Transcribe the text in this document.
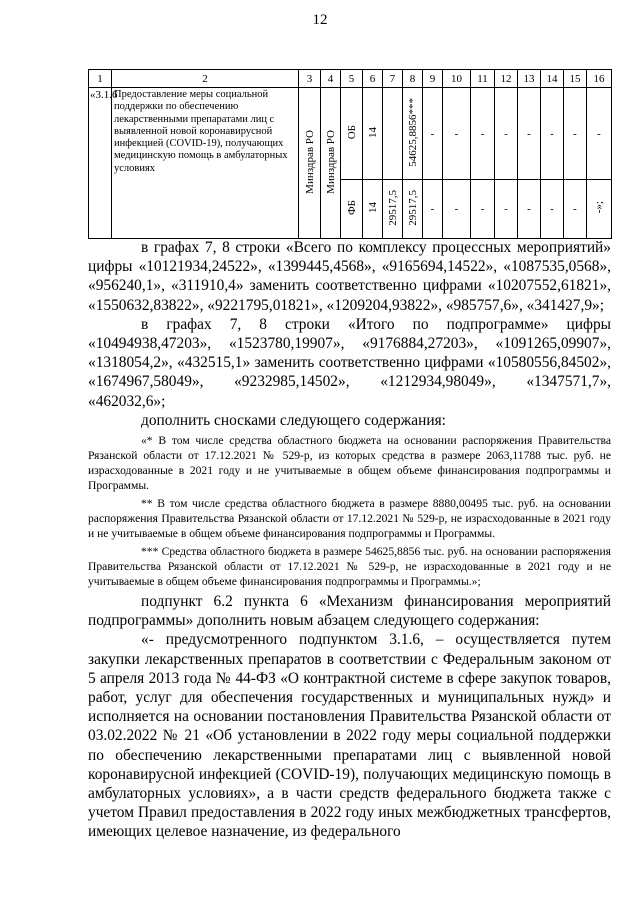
12
1	2	3	4	5	6	7	8	9	10	11	12	13	14	15	16
«3.1.6	Предоставление меры социальной поддержки по обеспечению лекарственными препаратами лиц с выявленной новой коронавирусной инфекцией (COVID-19), получающих медицинскую помощь в амбулаторных условиях	Минздрав РО	Минздрав РО	ОБ	14		54625,8856***	-	-	-	-	-	-	-	-
				ФБ	14	29517,5	29517,5	-	-	-	-	-	-	-	-»;

в графах 7, 8 строки «Всего по комплексу процессных мероприятий» цифры «10121934,24522», «1399445,4568», «9165694,14522», «1087535,0568», «956240,1», «311910,4» заменить соответственно цифрами «10207552,61821», «1550632,83822», «9221795,01821», «1209204,93822», «985757,6», «341427,9»;

в графах 7, 8 строки «Итого по подпрограмме» цифры «10494938,47203», «1523780,19907», «9176884,27203», «1091265,09907», «1318054,2», «432515,1» заменить соответственно цифрами «10580556,84502», «1674967,58049», «9232985,14502», «1212934,98049», «1347571,7», «462032,6»;

дополнить сносками следующего содержания:

«* В том числе средства областного бюджета на основании распоряжения Правительства Рязанской области от 17.12.2021 № 529-р, из которых средства в размере 2063,11788 тыс. руб. не израсходованные в 2021 году и не учитываемые в общем объеме финансирования подпрограммы и Программы.

** В том числе средства областного бюджета в размере 8880,00495 тыс. руб. на основании распоряжения Правительства Рязанской области от 17.12.2021 № 529-р, не израсходованные в 2021 году и не учитываемые в общем объеме финансирования подпрограммы и Программы.

*** Средства областного бюджета в размере 54625,8856 тыс. руб. на основании распоряжения Правительства Рязанской области от 17.12.2021 № 529-р, не израсходованные в 2021 году и не учитываемые в общем объеме финансирования подпрограммы и Программы.»;

подпункт 6.2 пункта 6 «Механизм финансирования мероприятий подпрограммы» дополнить новым абзацем следующего содержания:

«- предусмотренного подпунктом 3.1.6, – осуществляется путем закупки лекарственных препаратов в соответствии с Федеральным законом от 5 апреля 2013 года № 44-ФЗ «О контрактной системе в сфере закупок товаров, работ, услуг для обеспечения государственных и муниципальных нужд» и исполняется на основании постановления Правительства Рязанской области от 03.02.2022 № 21 «Об установлении в 2022 году меры социальной поддержки по обеспечению лекарственными препаратами лиц с выявленной новой коронавирусной инфекцией (COVID-19), получающих медицинскую помощь в амбулаторных условиях», а в части средств федерального бюджета также с учетом Правил предоставления в 2022 году иных межбюджетных трансфертов, имеющих целевое назначение, из федерального
